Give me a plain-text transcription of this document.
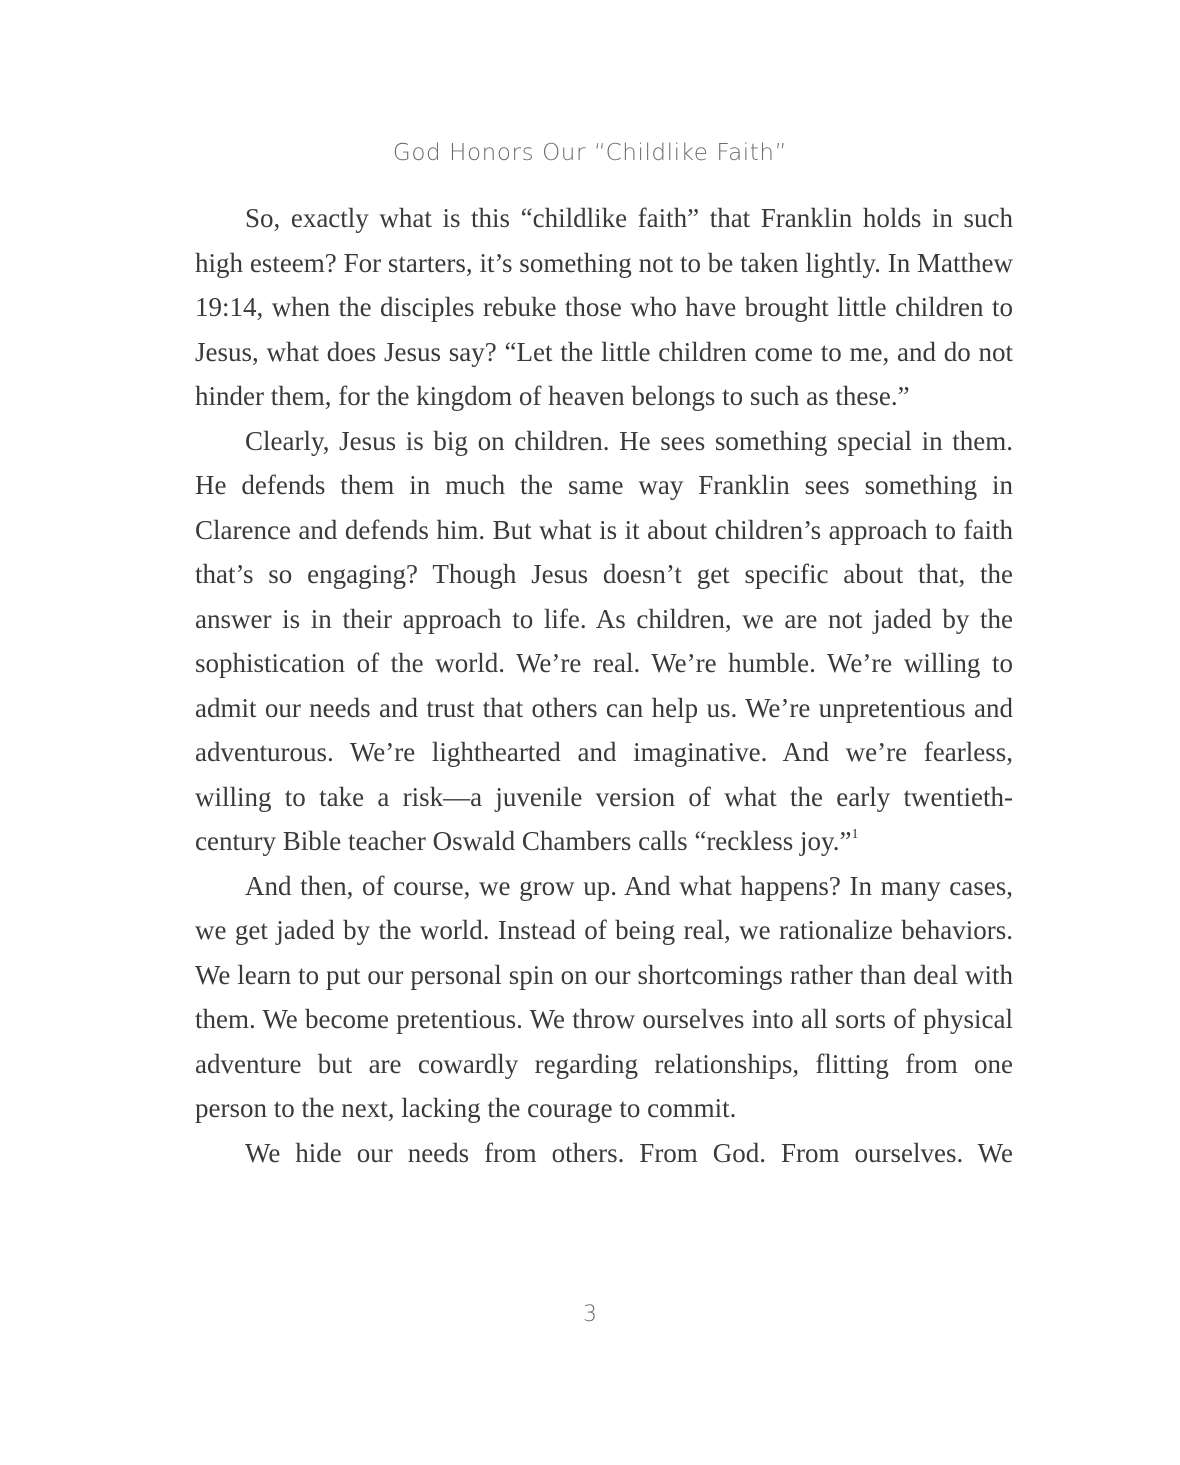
God Honors Our “Childlike Faith”

So, exactly what is this “childlike faith” that Franklin holds in such high esteem? For starters, it’s something not to be taken lightly. In Matthew 19:14, when the disciples rebuke those who have brought little children to Jesus, what does Jesus say? “Let the little children come to me, and do not hinder them, for the kingdom of heaven belongs to such as these.”

Clearly, Jesus is big on children. He sees something special in them. He defends them in much the same way Franklin sees something in Clarence and defends him. But what is it about children’s approach to faith that’s so engaging? Though Jesus doesn’t get specific about that, the answer is in their approach to life. As children, we are not jaded by the sophistication of the world. We’re real. We’re humble. We’re willing to admit our needs and trust that others can help us. We’re unpretentious and adventurous. We’re lighthearted and imaginative. And we’re fearless, willing to take a risk—a juvenile version of what the early twentieth-century Bible teacher Oswald Chambers calls “reckless joy.”$^1$

And then, of course, we grow up. And what happens? In many cases, we get jaded by the world. Instead of being real, we rationalize behaviors. We learn to put our personal spin on our shortcomings rather than deal with them. We become pretentious. We throw ourselves into all sorts of physical adventure but are cowardly regarding relationships, flitting from one person to the next, lacking the courage to commit.

We hide our needs from others. From God. From ourselves. We

3
